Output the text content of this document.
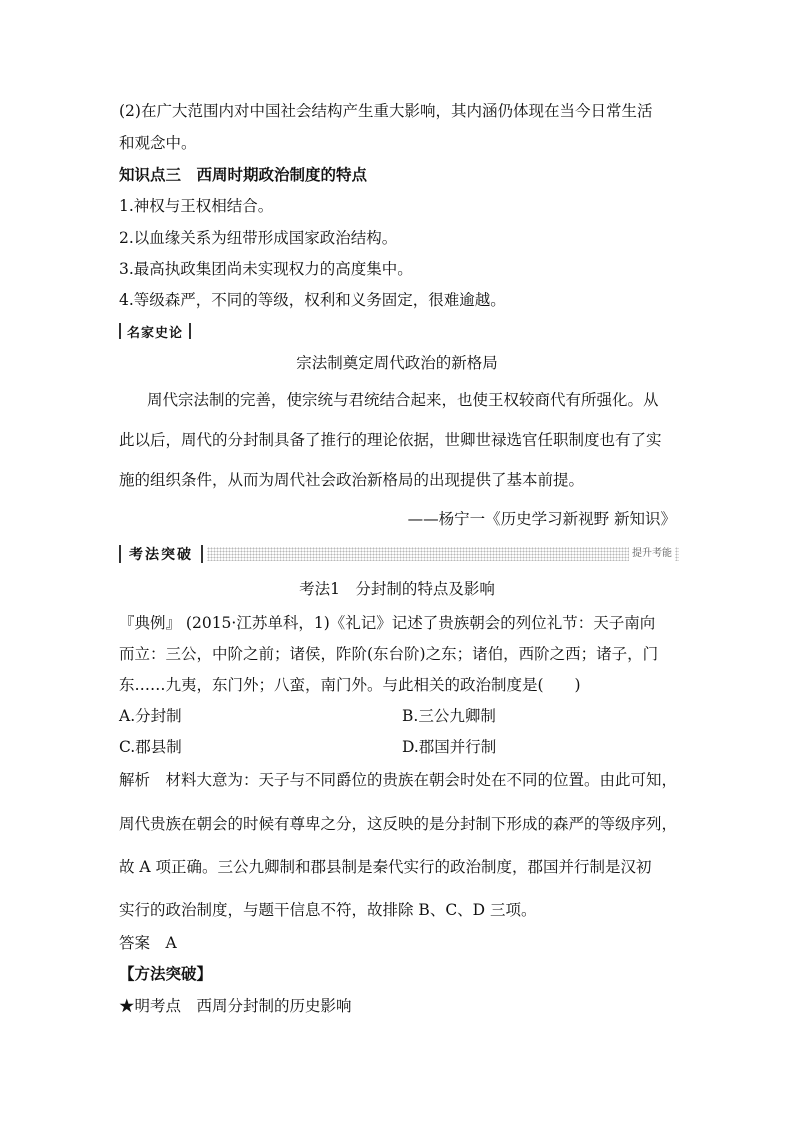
(2)在广大范围内对中国社会结构产生重大影响，其内涵仍体现在当今日常生活
和观念中。
知识点三　西周时期政治制度的特点
1.神权与王权相结合。
2.以血缘关系为纽带形成国家政治结构。
3.最高执政集团尚未实现权力的高度集中。
4.等级森严，不同的等级，权利和义务固定，很难逾越。
名家史论
宗法制奠定周代政治的新格局
周代宗法制的完善，使宗统与君统结合起来，也使王权较商代有所强化。从
此以后，周代的分封制具备了推行的理论依据，世卿世禄选官任职制度也有了实
施的组织条件，从而为周代社会政治新格局的出现提供了基本前提。
——杨宁一《历史学习新视野 新知识》
考法突破	提升考能
考法1　分封制的特点及影响
『典例』 (2015·江苏单科，1)《礼记》记述了贵族朝会的列位礼节：天子南向
而立：三公，中阶之前；诸侯，阼阶(东台阶)之东；诸伯，西阶之西；诸子，门
东……九夷，东门外；八蛮，南门外。与此相关的政治制度是(　　)
A.分封制	B.三公九卿制
C.郡县制	D.郡国并行制
解析　材料大意为：天子与不同爵位的贵族在朝会时处在不同的位置。由此可知，
周代贵族在朝会的时候有尊卑之分，这反映的是分封制下形成的森严的等级序列，
故 A 项正确。三公九卿制和郡县制是秦代实行的政治制度，郡国并行制是汉初
实行的政治制度，与题干信息不符，故排除 B、C、D 三项。
答案　A
【方法突破】
★明考点　西周分封制的历史影响
